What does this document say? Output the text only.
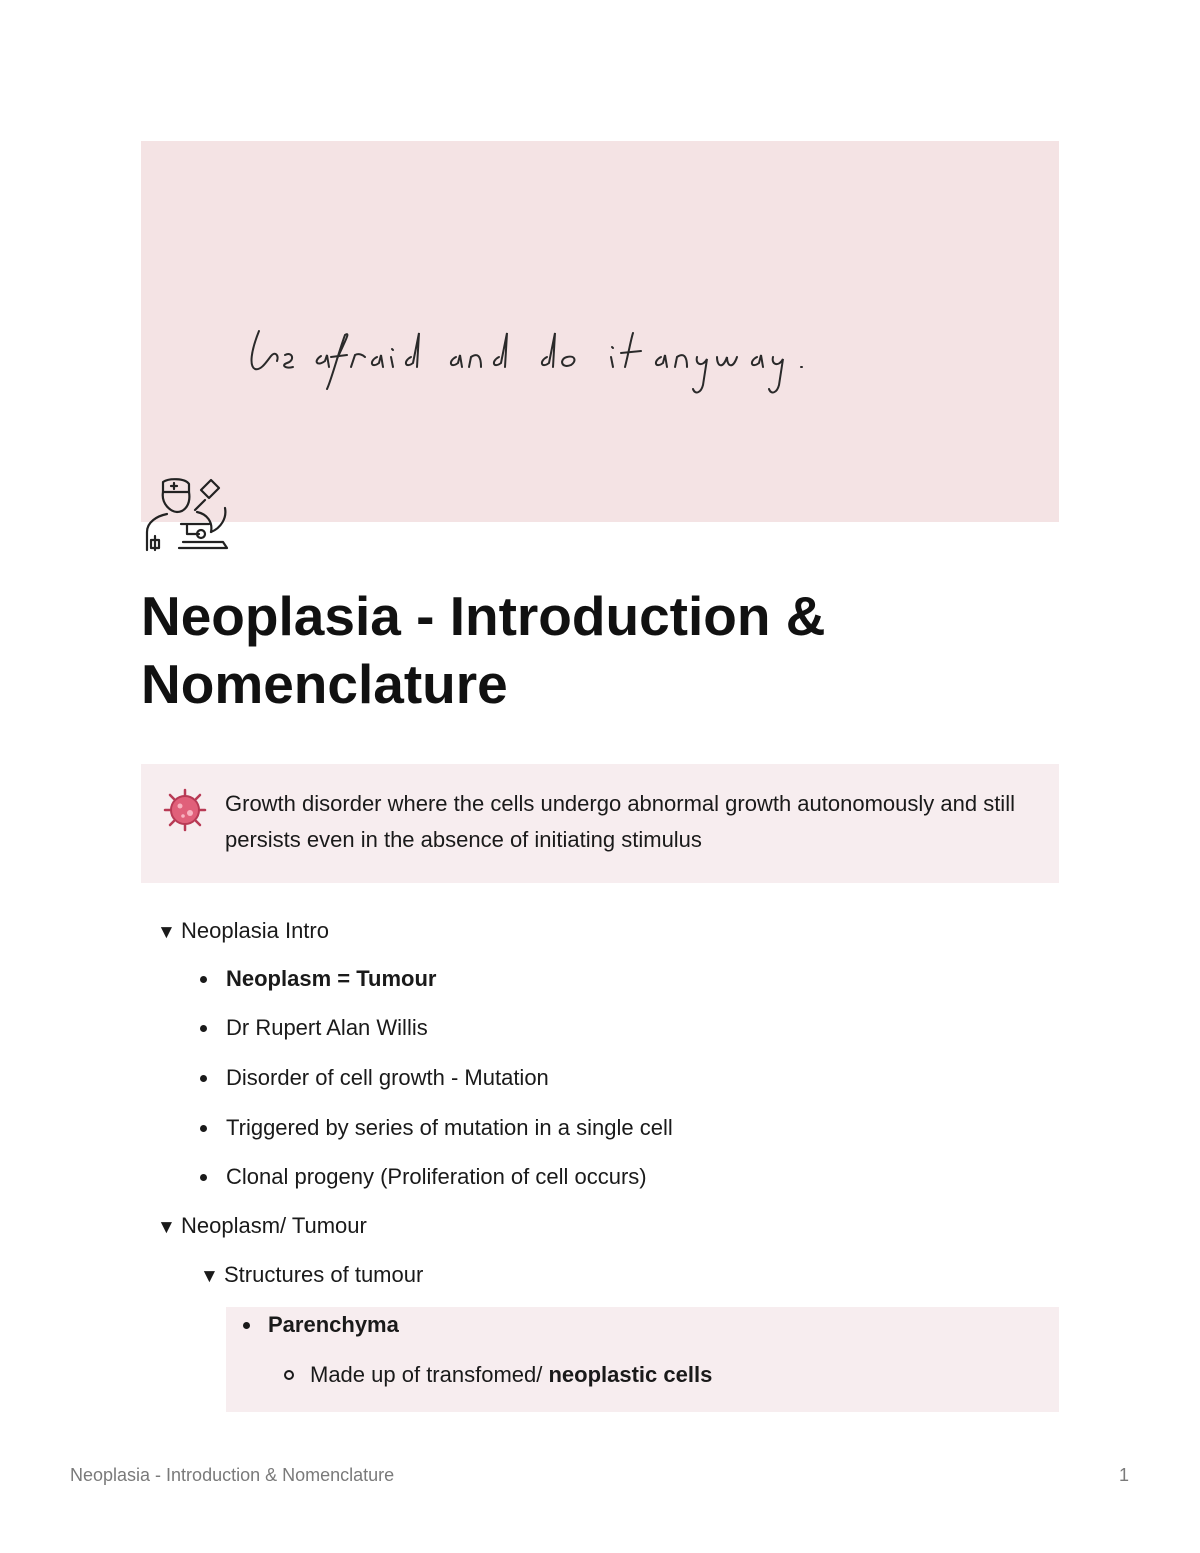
Neoplasia - Introduction & Nomenclature
Growth disorder where the cells undergo abnormal growth autonomously and still persists even in the absence of initiating stimulus
▼ Neoplasia Intro
Neoplasm = Tumour
Dr Rupert Alan Willis
Disorder of cell growth - Mutation
Triggered by series of mutation in a single cell
Clonal progeny (Proliferation of cell occurs)
▼ Neoplasm/ Tumour
▼ Structures of tumour
Parenchyma
Made up of transfomed/ neoplastic cells
Neoplasia - Introduction & Nomenclature	1
